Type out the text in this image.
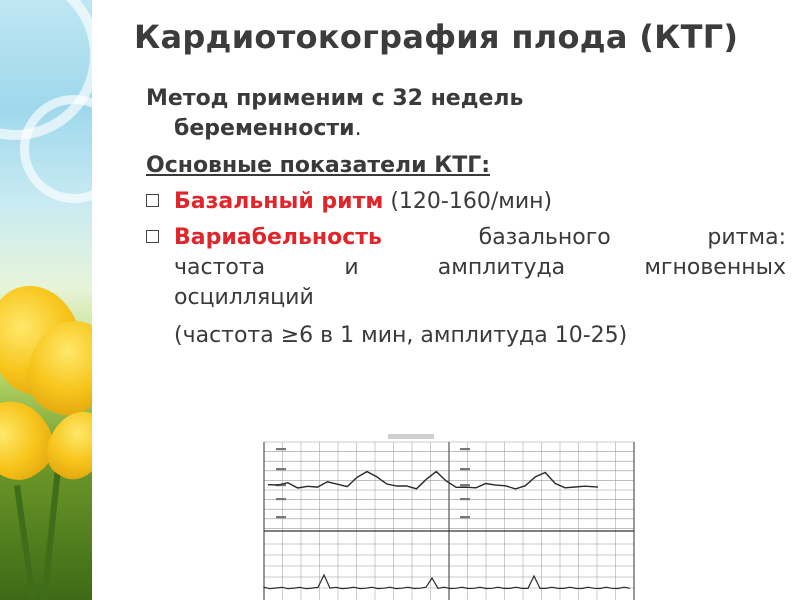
Кардиотокография плода (КТГ)

Метод применим с 32 недель

беременности.

Основные показатели КТГ:

Базальный ритм (120-160/мин)
Вариабельность базального ритма:
частота и амплитуда мгновенных
осцилляций

(частота ≥6 в 1 мин, амплитуда 10-25)
